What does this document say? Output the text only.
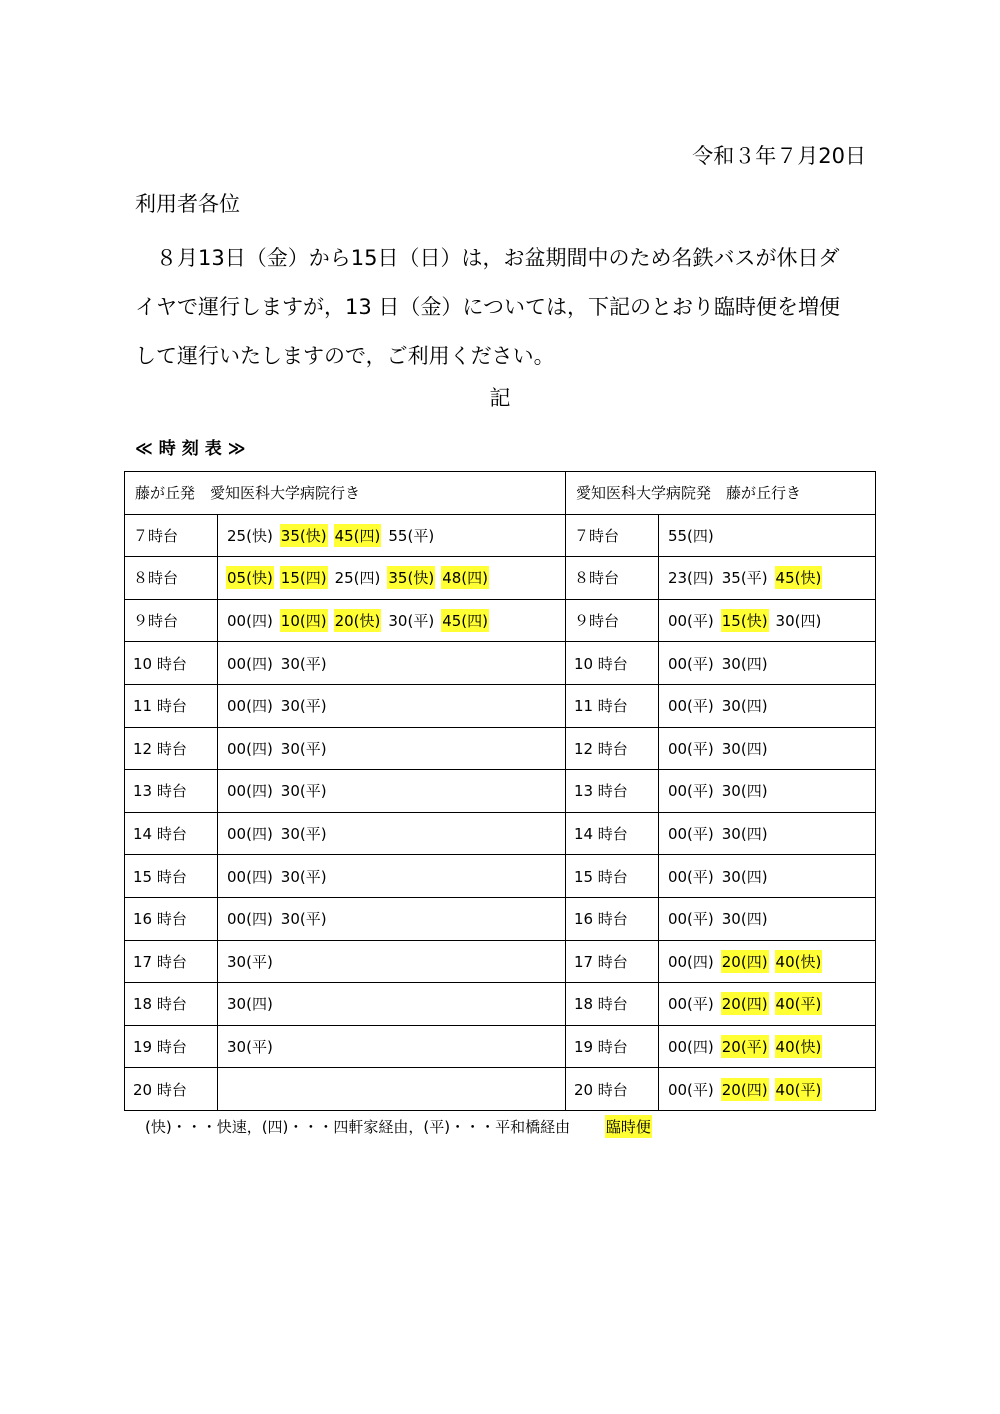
令和３年７月20日
利用者各位
８月13日（金）から15日（日）は，お盆期間中のため名鉄バスが休日ダ
イヤで運行しますが，13 日（金）については，下記のとおり臨時便を増便
して運行いたしますので，ご利用ください。
記
≪時刻表≫
藤が丘発　愛知医科大学病院行き		愛知医科大学病院発　藤が丘行き	
７時台	25(快) 35(快) 45(四) 55(平)	７時台	55(四)
８時台	05(快) 15(四) 25(四) 35(快) 48(四)	８時台	23(四) 35(平) 45(快)
９時台	00(四) 10(四) 20(快) 30(平) 45(四)	９時台	00(平) 15(快) 30(四)
10 時台	00(四) 30(平)	10 時台	00(平) 30(四)
11 時台	00(四) 30(平)	11 時台	00(平) 30(四)
12 時台	00(四) 30(平)	12 時台	00(平) 30(四)
13 時台	00(四) 30(平)	13 時台	00(平) 30(四)
14 時台	00(四) 30(平)	14 時台	00(平) 30(四)
15 時台	00(四) 30(平)	15 時台	00(平) 30(四)
16 時台	00(四) 30(平)	16 時台	00(平) 30(四)
17 時台	30(平)	17 時台	00(四) 20(四) 40(快)
18 時台	30(四)	18 時台	00(平) 20(四) 40(平)
19 時台	30(平)	19 時台	00(四) 20(平) 40(快)
20 時台		20 時台	00(平) 20(四) 40(平)
(快)・・・快速，(四)・・・四軒家経由，(平)・・・平和橋経由 臨時便
